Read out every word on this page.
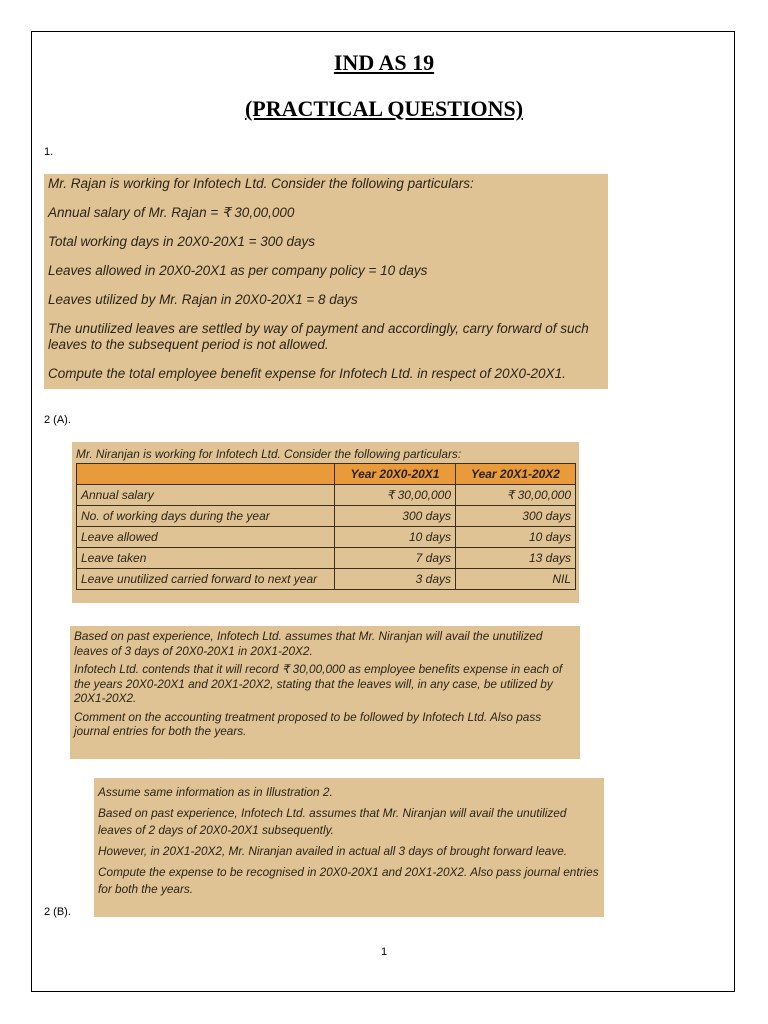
IND AS 19
(PRACTICAL QUESTIONS)
1.

Mr. Rajan is working for Infotech Ltd. Consider the following particulars:

Annual salary of Mr. Rajan = ₹ 30,00,000

Total working days in 20X0-20X1 = 300 days

Leaves allowed in 20X0-20X1 as per company policy = 10 days

Leaves utilized by Mr. Rajan in 20X0-20X1 = 8 days

The unutilized leaves are settled by way of payment and accordingly, carry forward of such leaves to the subsequent period is not allowed.

Compute the total employee benefit expense for Infotech Ltd. in respect of 20X0-20X1.

2 (A).
Mr. Niranjan is working for Infotech Ltd. Consider the following particulars:
	Year 20X0-20X1	Year 20X1-20X2
Annual salary	₹ 30,00,000	₹ 30,00,000
No. of working days during the year	300 days	300 days
Leave allowed	10 days	10 days
Leave taken	7 days	13 days
Leave unutilized carried forward to next year	3 days	NIL

Based on past experience, Infotech Ltd. assumes that Mr. Niranjan will avail the unutilized leaves of 3 days of 20X0-20X1 in 20X1-20X2.

Infotech Ltd. contends that it will record ₹ 30,00,000 as employee benefits expense in each of the years 20X0-20X1 and 20X1-20X2, stating that the leaves will, in any case, be utilized by 20X1-20X2.

Comment on the accounting treatment proposed to be followed by Infotech Ltd. Also pass journal entries for both the years.

Assume same information as in Illustration 2.

Based on past experience, Infotech Ltd. assumes that Mr. Niranjan will avail the unutilized leaves of 2 days of 20X0-20X1 subsequently.

However, in 20X1-20X2, Mr. Niranjan availed in actual all 3 days of brought forward leave.

Compute the expense to be recognised in 20X0-20X1 and 20X1-20X2. Also pass journal entries for both the years.

2 (B).
1
